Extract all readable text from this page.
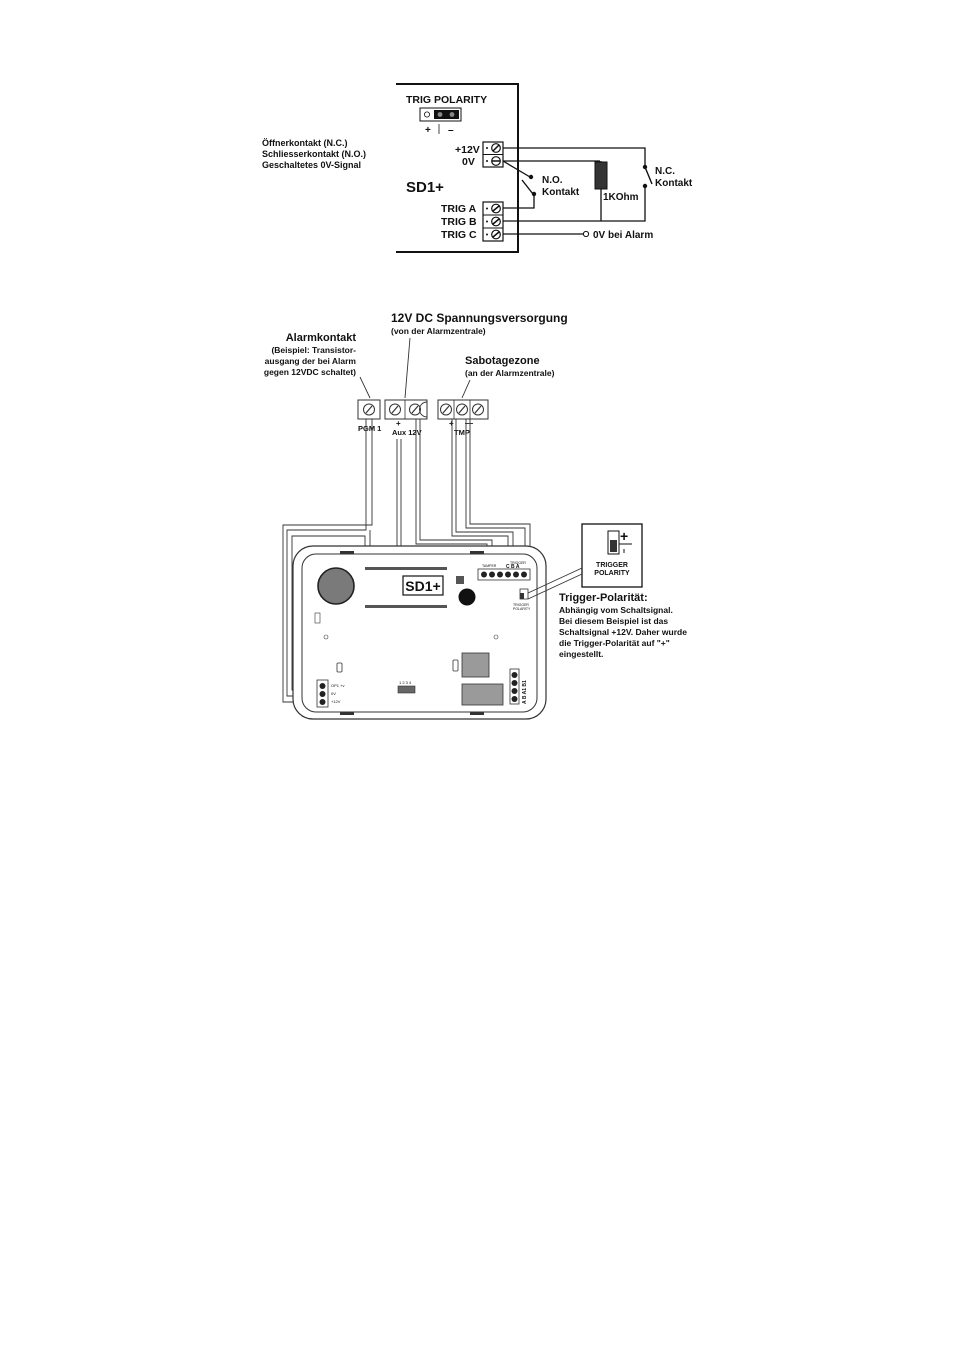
TRIG POLARITY
+ –
Öffnerkontakt (N.C.)
Schliesserkontakt (N.O.)
Geschaltetes 0V-Signal
+12V
0V
SD1+
TRIG A
TRIG B
TRIG C
N.O.
Kontakt 1KOhm
N.C.
Kontakt
0V bei Alarm
12V DC Spannungsversorgung
(von der Alarmzentrale)
Alarmkontakt
(Beispiel: Transistor-
ausgang der bei Alarm
gegen 12VDC schaltet)
Sabotagezone
(an der Alarmzentrale)
PGM 1
+
Aux 12V
+ —
TMP
SD1+
TAMPER
TRIGGER
C B A
TRIGGER
POLARITY
A B A1 B1
OP1 +v
0V
+12V
1 2 3 4
+
TRIGGER
POLARITY
Trigger-Polarität:
Abhängig vom Schaltsignal.
Bei diesem Beispiel ist das
Schaltsignal +12V. Daher wurde
die Trigger-Polarität auf "+"
eingestellt.
